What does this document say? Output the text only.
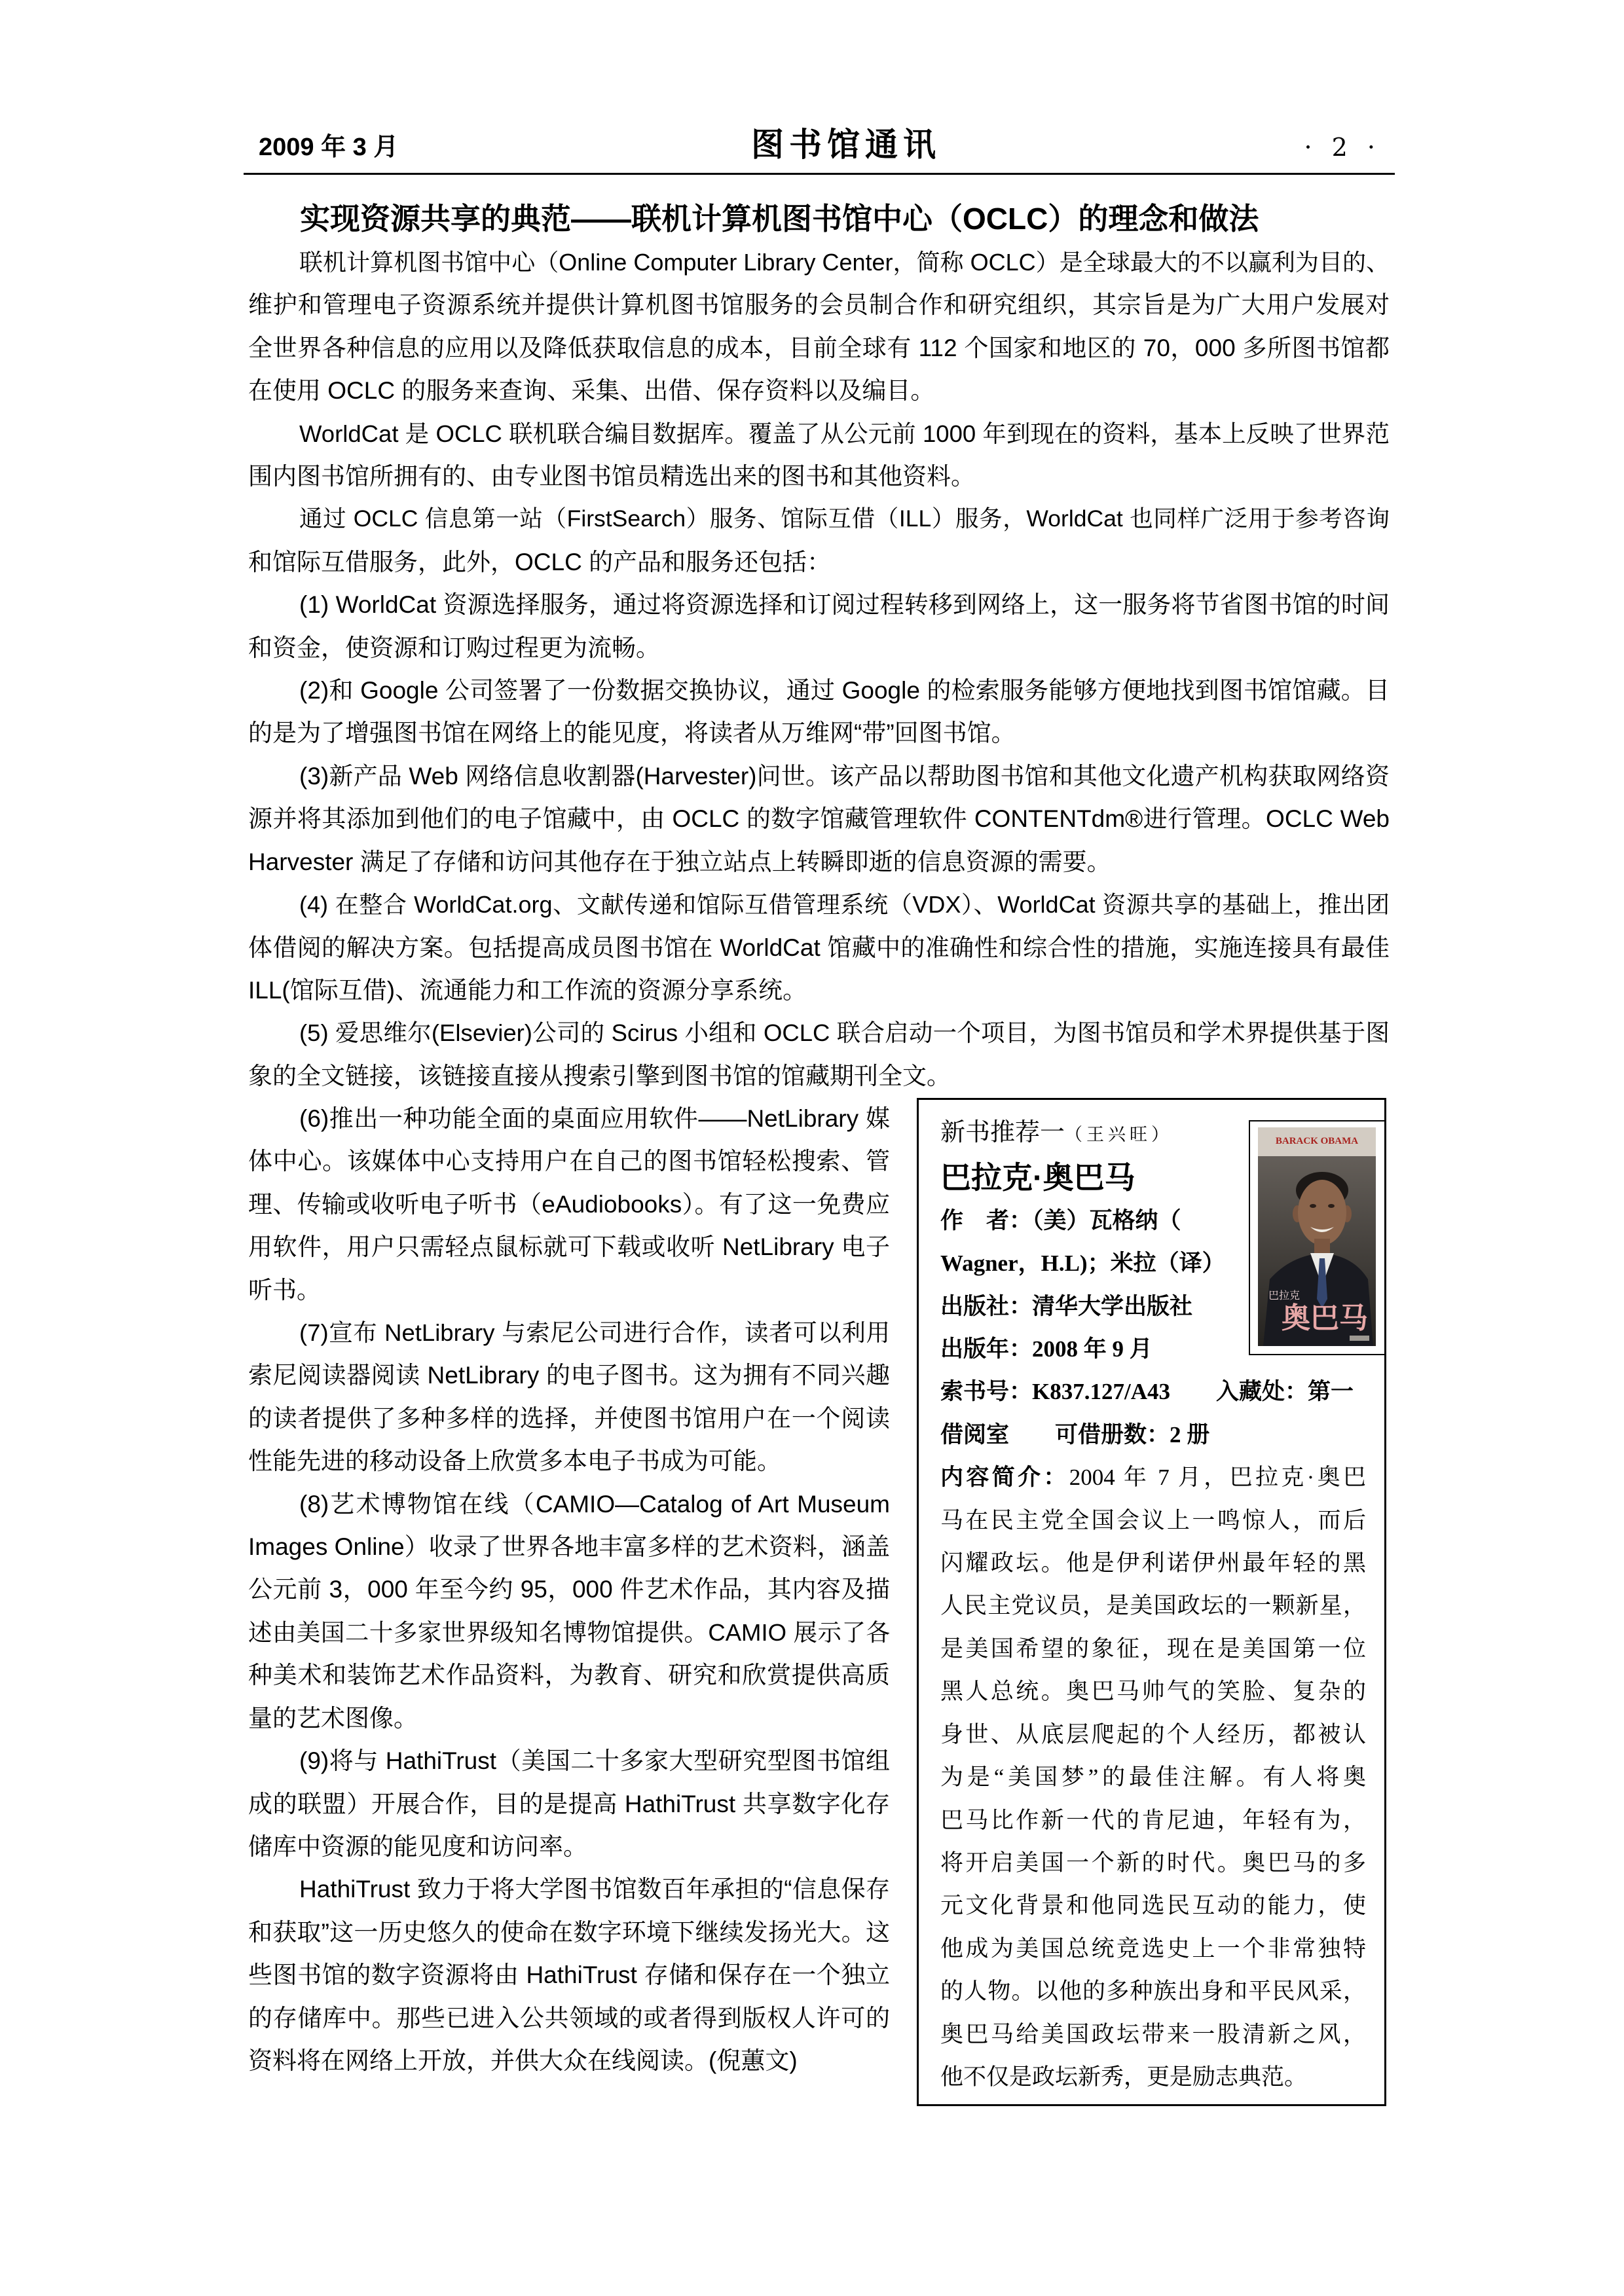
2009 年 3 月	图书馆通讯	· 2 ·
实现资源共享的典范——联机计算机图书馆中心（OCLC）的理念和做法
联机计算机图书馆中心（Online Computer Library Center，简称 OCLC）是全球最大的不以赢利为目的、
维护和管理电子资源系统并提供计算机图书馆服务的会员制合作和研究组织，其宗旨是为广大用户发展对
全世界各种信息的应用以及降低获取信息的成本，目前全球有 112 个国家和地区的 70，000 多所图书馆都
在使用 OCLC 的服务来查询、采集、出借、保存资料以及编目。
WorldCat 是 OCLC 联机联合编目数据库。覆盖了从公元前 1000 年到现在的资料，基本上反映了世界范
围内图书馆所拥有的、由专业图书馆员精选出来的图书和其他资料。
通过 OCLC 信息第一站（FirstSearch）服务、馆际互借（ILL）服务，WorldCat 也同样广泛用于参考咨询
和馆际互借服务，此外，OCLC 的产品和服务还包括：
(1) WorldCat 资源选择服务，通过将资源选择和订阅过程转移到网络上，这一服务将节省图书馆的时间
和资金，使资源和订购过程更为流畅。
(2)和 Google 公司签署了一份数据交换协议，通过 Google 的检索服务能够方便地找到图书馆馆藏。目
的是为了增强图书馆在网络上的能见度，将读者从万维网“带”回图书馆。
(3)新产品 Web 网络信息收割器(Harvester)问世。该产品以帮助图书馆和其他文化遗产机构获取网络资
源并将其添加到他们的电子馆藏中，由 OCLC 的数字馆藏管理软件 CONTENTdm®进行管理。OCLC Web
Harvester 满足了存储和访问其他存在于独立站点上转瞬即逝的信息资源的需要。
(4) 在整合 WorldCat.org、文献传递和馆际互借管理系统（VDX）、WorldCat 资源共享的基础上，推出团
体借阅的解决方案。包括提高成员图书馆在 WorldCat 馆藏中的准确性和综合性的措施，实施连接具有最佳
ILL(馆际互借)、流通能力和工作流的资源分享系统。
(5) 爱思维尔(Elsevier)公司的 Scirus 小组和 OCLC 联合启动一个项目，为图书馆员和学术界提供基于图
象的全文链接，该链接直接从搜索引擎到图书馆的馆藏期刊全文。
(6)推出一种功能全面的桌面应用软件——NetLibrary 媒
体中心。该媒体中心支持用户在自己的图书馆轻松搜索、管
理、传输或收听电子听书（eAudiobooks）。有了这一免费应
用软件，用户只需轻点鼠标就可下载或收听 NetLibrary 电子
听书。
(7)宣布 NetLibrary 与索尼公司进行合作，读者可以利用
索尼阅读器阅读 NetLibrary 的电子图书。这为拥有不同兴趣
的读者提供了多种多样的选择，并使图书馆用户在一个阅读
性能先进的移动设备上欣赏多本电子书成为可能。
(8)艺术博物馆在线（CAMIO—Catalog of Art Museum
Images Online）收录了世界各地丰富多样的艺术资料，涵盖
公元前 3，000 年至今约 95，000 件艺术作品，其内容及描
述由美国二十多家世界级知名博物馆提供。CAMIO 展示了各
种美术和装饰艺术作品资料，为教育、研究和欣赏提供高质
量的艺术图像。
(9)将与 HathiTrust（美国二十多家大型研究型图书馆组
成的联盟）开展合作，目的是提高 HathiTrust 共享数字化存
储库中资源的能见度和访问率。
HathiTrust 致力于将大学图书馆数百年承担的“信息保存
和获取”这一历史悠久的使命在数字环境下继续发扬光大。这
些图书馆的数字资源将由 HathiTrust 存储和保存在一个独立
的存储库中。那些已进入公共领域的或者得到版权人许可的
资料将在网络上开放，并供大众在线阅读。(倪蕙文)
BARACK OBAMA
巴拉克
奥巴马
新书推荐一（王兴旺）
巴拉克·奥巴马
作　者：（美）瓦格纳（
Wagner，H.L)；米拉（译）
出版社：清华大学出版社
出版年：2008 年 9 月
索书号：K837.127/A43　　入藏处：第一
借阅室　　可借册数：2 册
内容简介：2004 年 7 月，巴拉克·奥巴
马在民主党全国会议上一鸣惊人，而后
闪耀政坛。他是伊利诺伊州最年轻的黑
人民主党议员，是美国政坛的一颗新星，
是美国希望的象征，现在是美国第一位
黑人总统。奥巴马帅气的笑脸、复杂的
身世、从底层爬起的个人经历，都被认
为是“美国梦”的最佳注解。有人将奥
巴马比作新一代的肯尼迪，年轻有为，
将开启美国一个新的时代。奥巴马的多
元文化背景和他同选民互动的能力，使
他成为美国总统竞选史上一个非常独特
的人物。以他的多种族出身和平民风采，
奥巴马给美国政坛带来一股清新之风，
他不仅是政坛新秀，更是励志典范。
